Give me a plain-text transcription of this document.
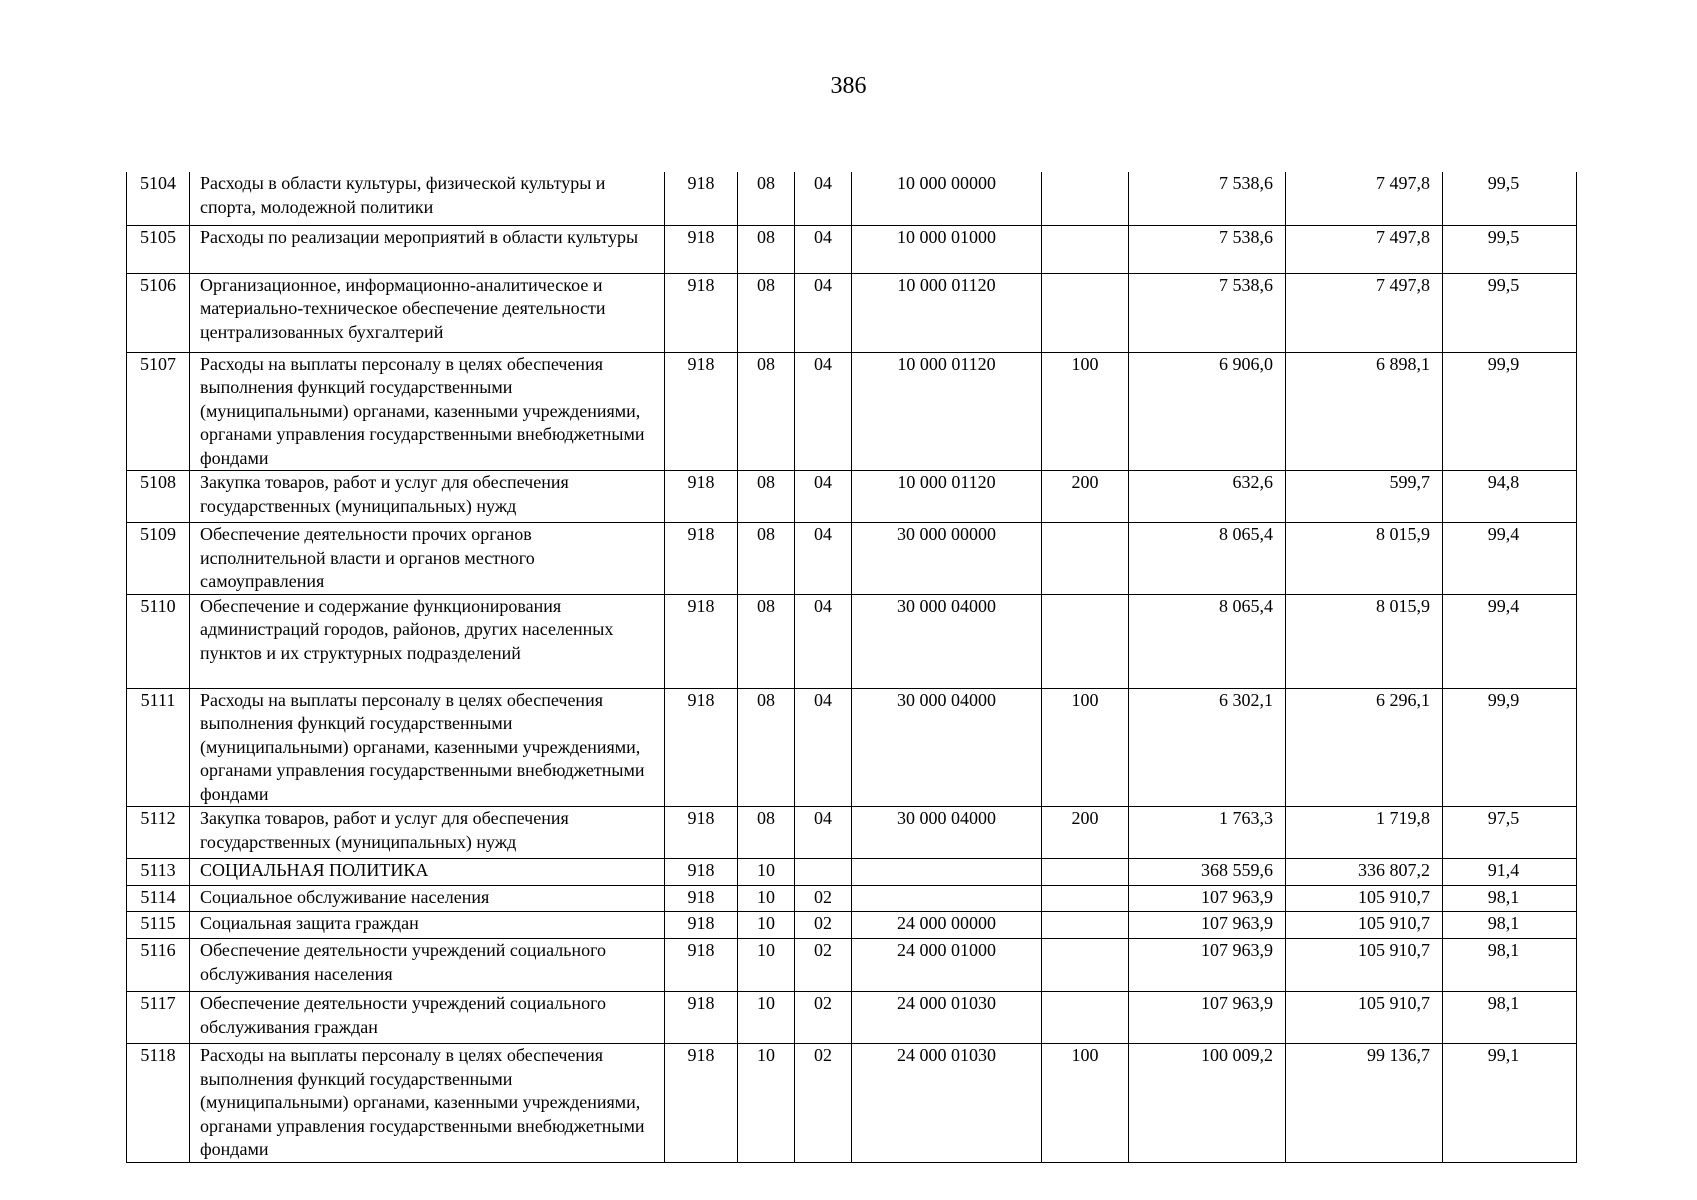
386
5104	Расходы в области культуры, физической культуры и спорта, молодежной политики	918	08	04	10 000 00000		7 538,6	7 497,8	99,5
5105	Расходы по реализации мероприятий в области культуры	918	08	04	10 000 01000		7 538,6	7 497,8	99,5
5106	Организационное, информационно-аналитическое и материально-техническое обеспечение деятельности централизованных бухгалтерий	918	08	04	10 000 01120		7 538,6	7 497,8	99,5
5107	Расходы на выплаты персоналу в целях обеспечения выполнения функций государственными (муниципальными) органами, казенными учреждениями, органами управления государственными внебюджетными фондами	918	08	04	10 000 01120	100	6 906,0	6 898,1	99,9
5108	Закупка товаров, работ и услуг для обеспечения государственных (муниципальных) нужд	918	08	04	10 000 01120	200	632,6	599,7	94,8
5109	Обеспечение деятельности прочих органов исполнительной власти и органов местного самоуправления	918	08	04	30 000 00000		8 065,4	8 015,9	99,4
5110	Обеспечение и содержание функционирования администраций городов, районов, других населенных пунктов и их структурных подразделений	918	08	04	30 000 04000		8 065,4	8 015,9	99,4
5111	Расходы на выплаты персоналу в целях обеспечения выполнения функций государственными (муниципальными) органами, казенными учреждениями, органами управления государственными внебюджетными фондами	918	08	04	30 000 04000	100	6 302,1	6 296,1	99,9
5112	Закупка товаров, работ и услуг для обеспечения государственных (муниципальных) нужд	918	08	04	30 000 04000	200	1 763,3	1 719,8	97,5
5113	СОЦИАЛЬНАЯ ПОЛИТИКА	918	10				368 559,6	336 807,2	91,4
5114	Социальное обслуживание населения	918	10	02			107 963,9	105 910,7	98,1
5115	Социальная защита граждан	918	10	02	24 000 00000		107 963,9	105 910,7	98,1
5116	Обеспечение деятельности учреждений социального обслуживания населения	918	10	02	24 000 01000		107 963,9	105 910,7	98,1
5117	Обеспечение деятельности учреждений социального обслуживания граждан	918	10	02	24 000 01030		107 963,9	105 910,7	98,1
5118	Расходы на выплаты персоналу в целях обеспечения выполнения функций государственными (муниципальными) органами, казенными учреждениями, органами управления государственными внебюджетными фондами	918	10	02	24 000 01030	100	100 009,2	99 136,7	99,1
